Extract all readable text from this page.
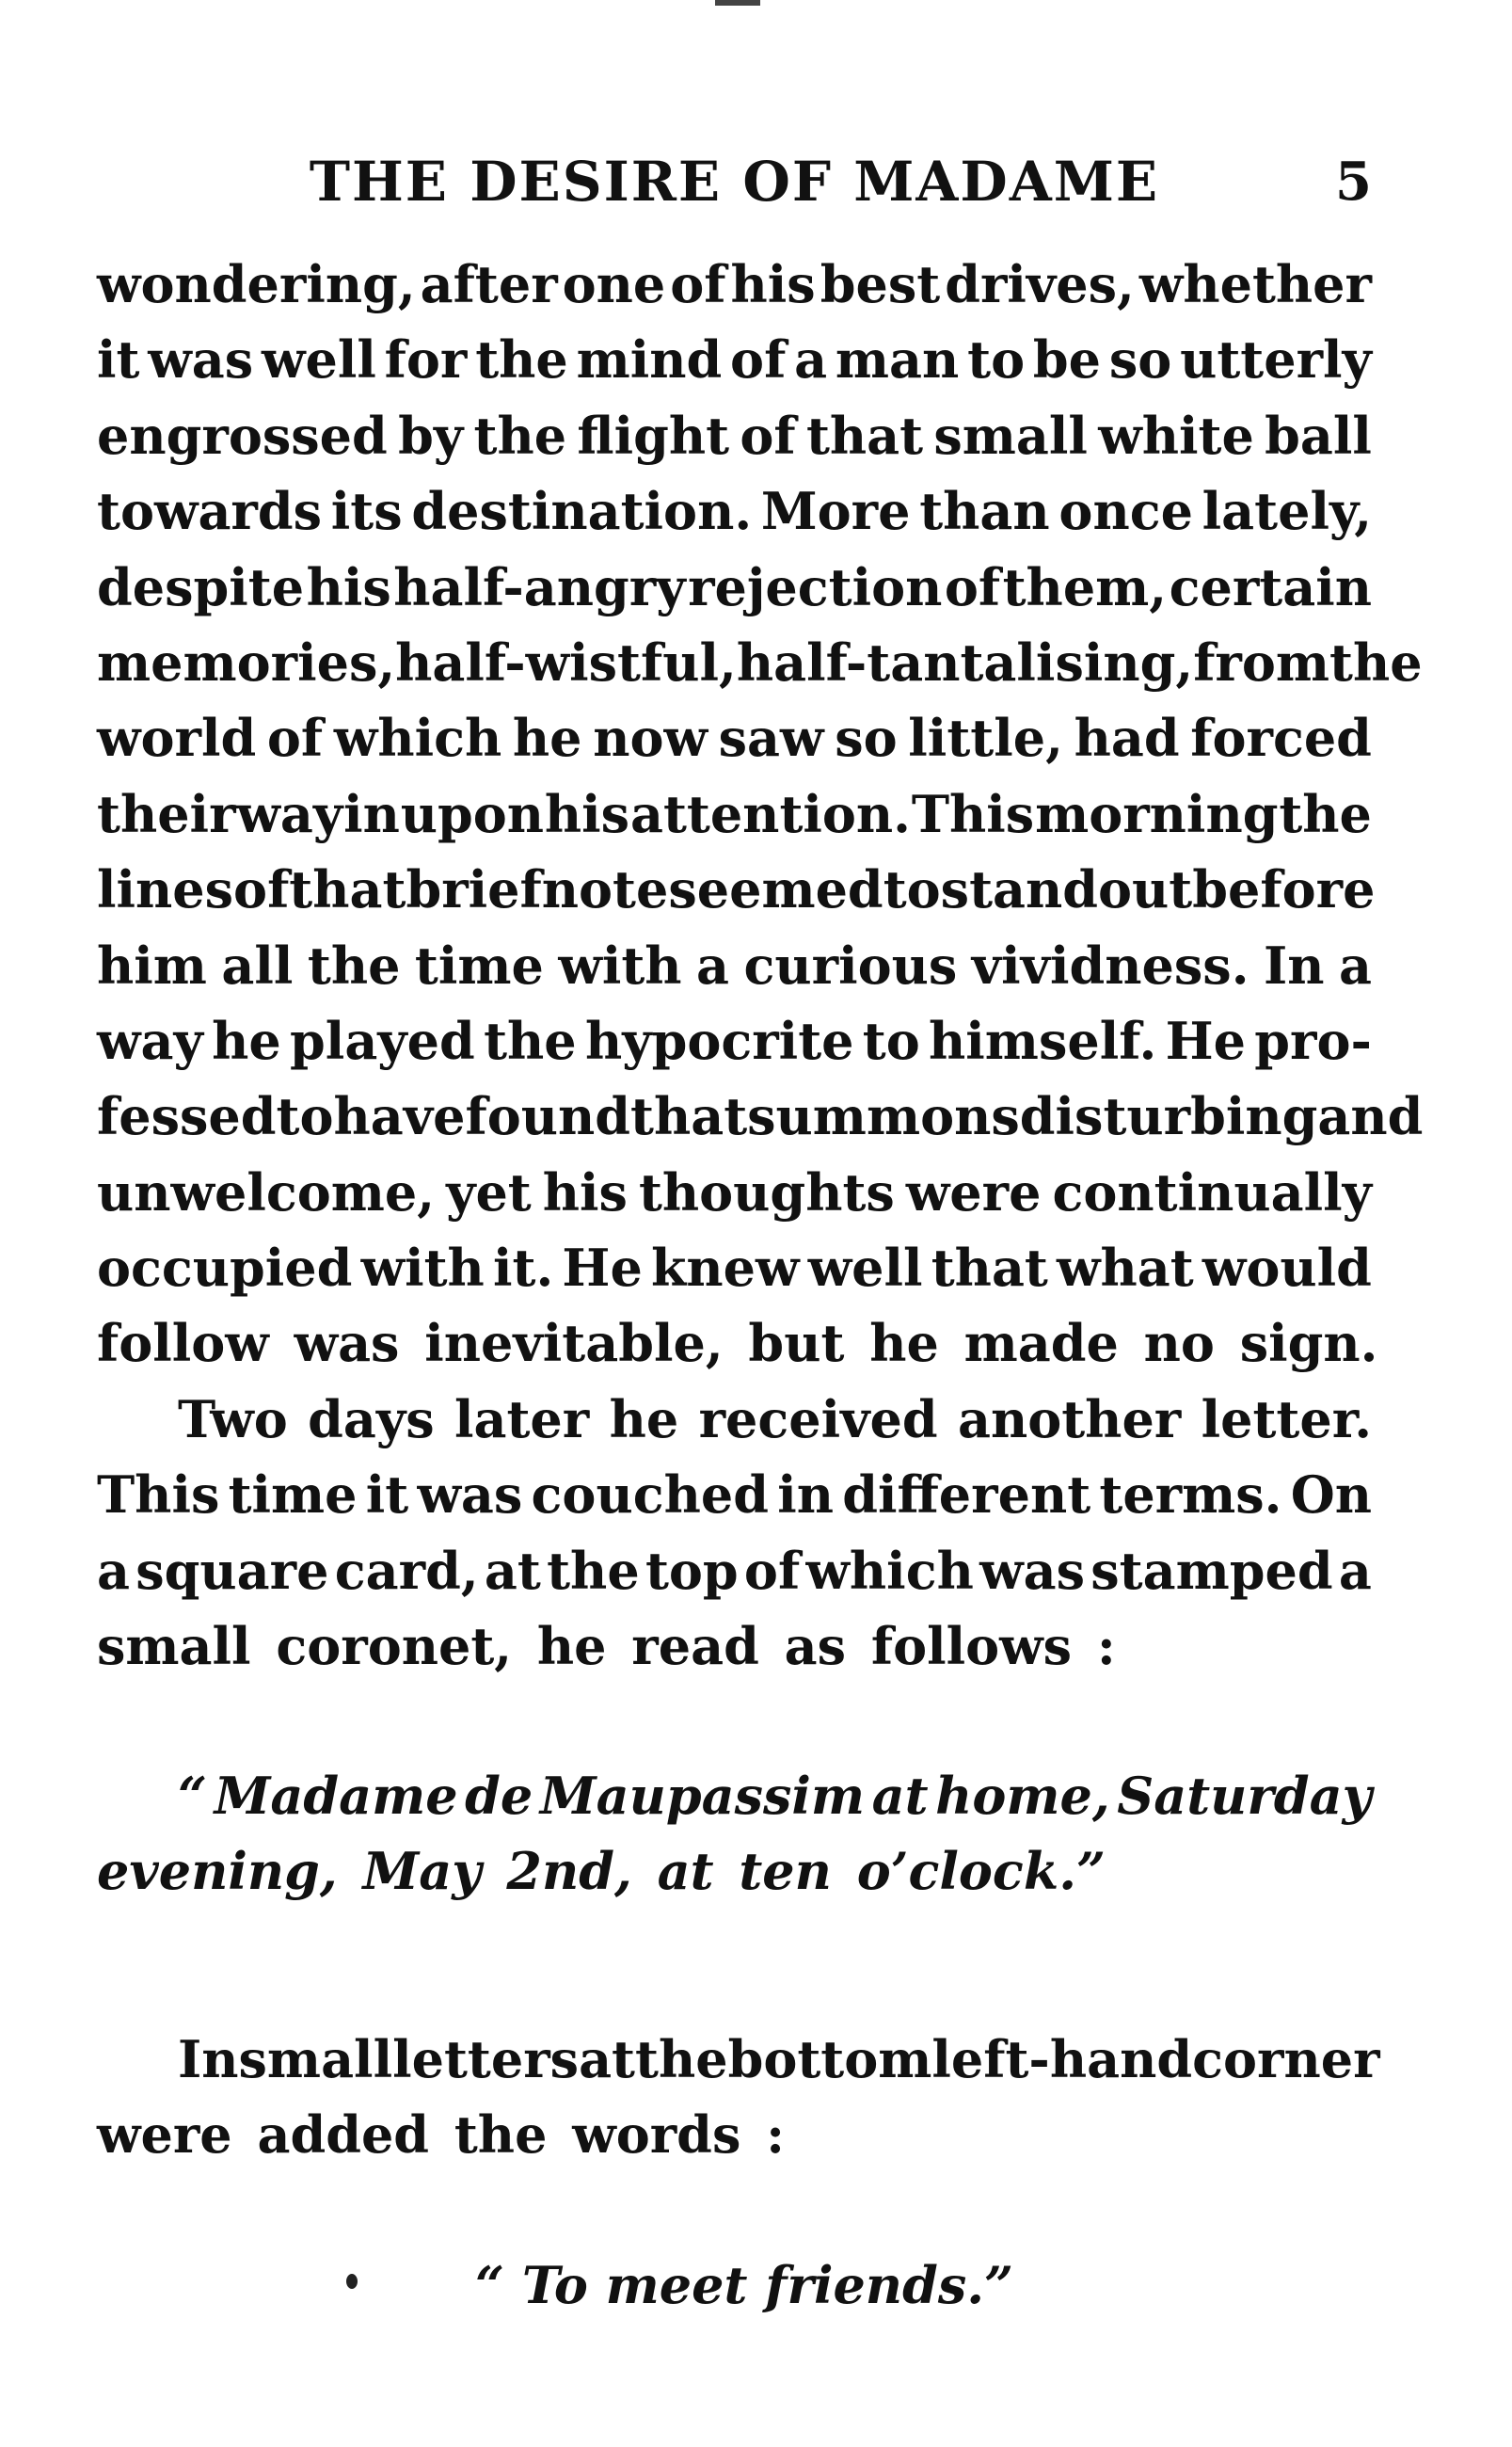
THE DESIRE OF MADAME	5
wondering, after one of his best drives, whether
it was well for the mind of a man to be so utterly
engrossed by the flight of that small white ball
towards its destination. More than once lately,
despite his half-angry rejection of them, certain
memories, half-wistful, half-tantalising, from the
world of which he now saw so little, had forced
their way in upon his attention. This morning the
lines of that brief note seemed to stand out before
him all the time with a curious vividness. In a
way he played the hypocrite to himself. He pro-
fessed to have found that summons disturbing and
unwelcome, yet his thoughts were continually
occupied with it. He knew well that what would
follow was inevitable, but he made no sign.
Two days later he received another letter.
This time it was couched in different terms. On
a square card, at the top of which was stamped a
small coronet, he read as follows :
“ Madame de Maupassim at home, Saturday
evening, May 2nd, at ten o’clock.”
In small letters at the bottom left-hand corner
were added the words :
“ To meet friends.”
